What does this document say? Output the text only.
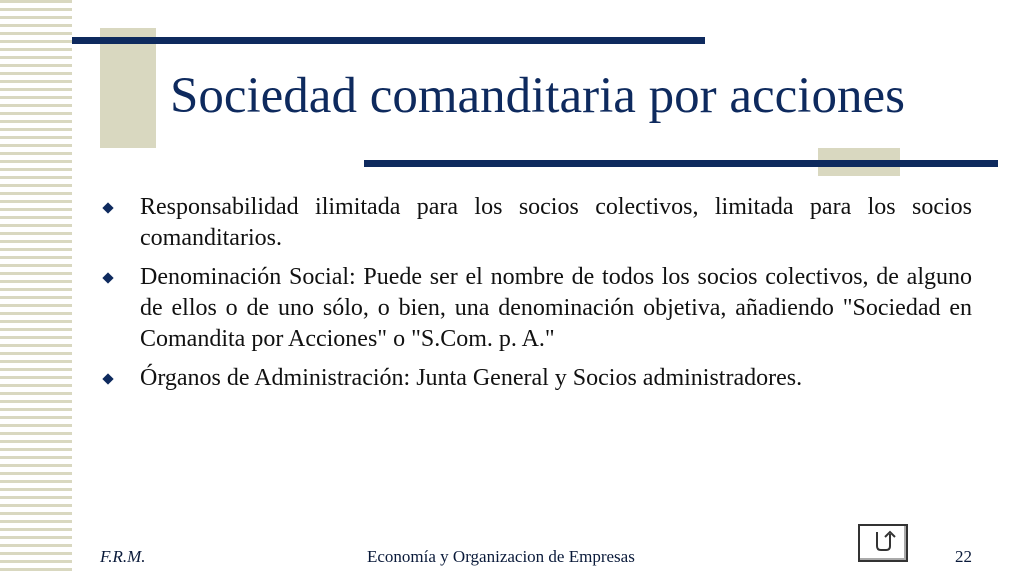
Sociedad comanditaria por acciones
Responsabilidad ilimitada para los socios colectivos, limitada para los socios comanditarios.
Denominación Social: Puede ser el nombre de todos los socios colectivos, de alguno de ellos o de uno sólo, o bien, una denominación objetiva, añadiendo "Sociedad en Comandita por Acciones" o "S.Com. p. A."
Órganos de Administración: Junta General y Socios administradores.
F.R.M.	Economía y Organizacion de Empresas	22
